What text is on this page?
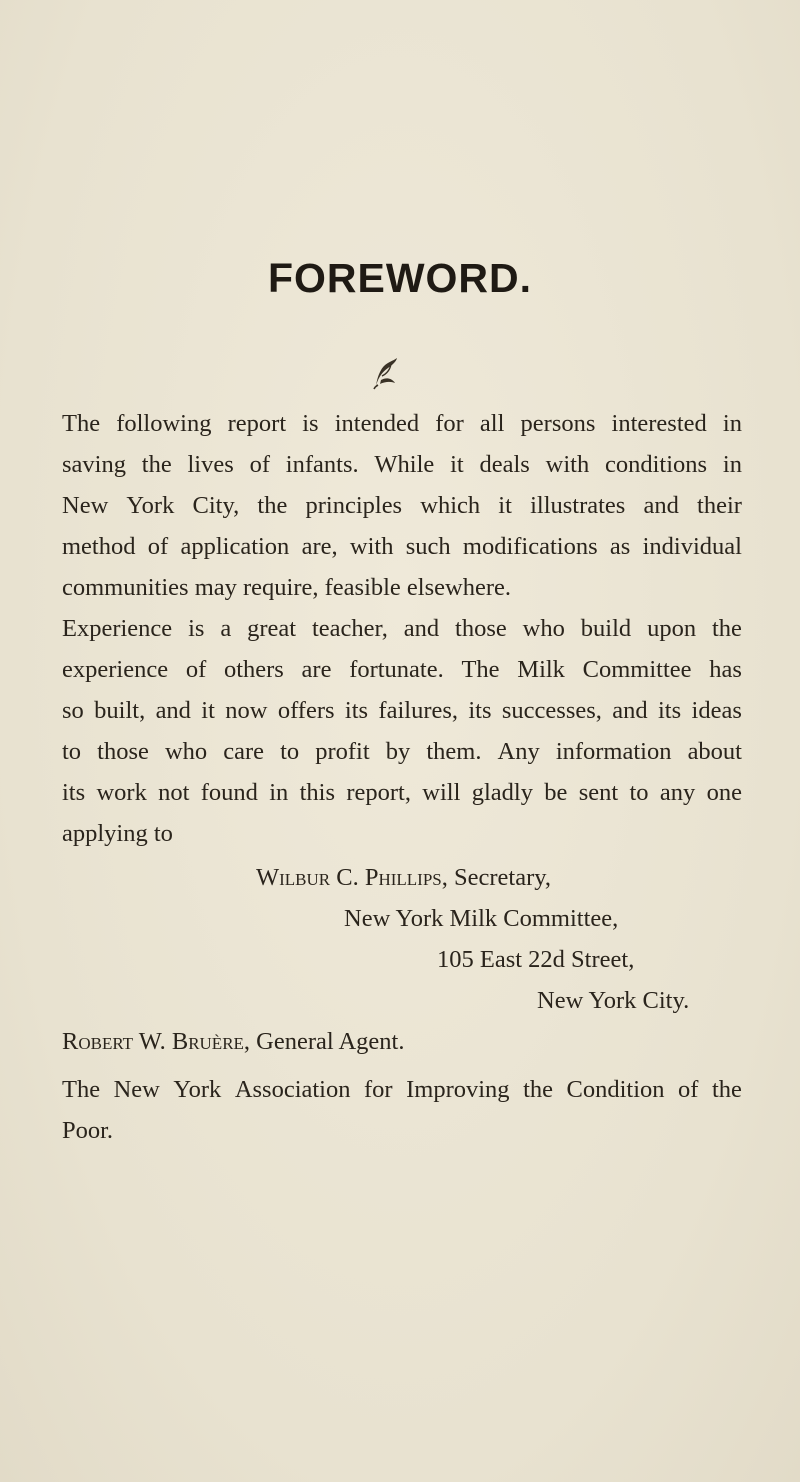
FOREWORD.
The following report is intended for all persons interested in
saving the lives of infants. While it deals with conditions in
New York City, the principles which it illustrates and their
method of application are, with such modifications as individual
communities may require, feasible elsewhere.
Experience is a great teacher, and those who build upon the
experience of others are fortunate. The Milk Committee has
so built, and it now offers its failures, its successes, and its ideas
to those who care to profit by them. Any information about
its work not found in this report, will gladly be sent to any one
applying to
Wilbur C. Phillips, Secretary,
New York Milk Committee,
105 East 22d Street,
New York City.
Robert W. Bruère, General Agent.
The New York Association for Improving the Condition of the
Poor.
